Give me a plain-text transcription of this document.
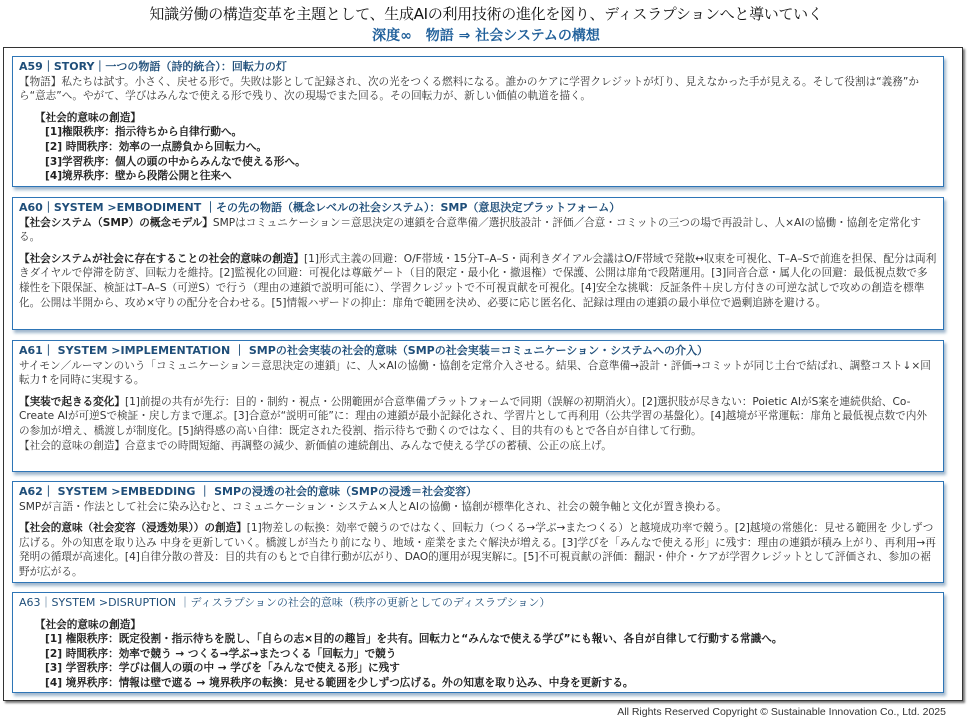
知識労働の構造変革を主題として、生成AIの利用技術の進化を図り、ディスラプションへと導いていく
深度∞　物語 ⇒ 社会システムの構想
A59｜STORY｜一つの物語（詩的統合）：回転力の灯

【物語】私たちは試す。小さく、戻せる形で。失敗は影として記録され、次の光をつくる燃料になる。誰かのケアに学習クレジットが灯り、見えなかった手が見える。そして役割は“義務”から“意志”へ。やがて、学びはみんなで使える形で残り、次の現場でまた回る。その回転力が、新しい価値の軌道を描く。

【社会的意味の創造】
[1]権限秩序：指示待ちから自律行動へ。
[2] 時間秩序：効率の一点勝負から回転力へ。
[3]学習秩序：個人の頭の中からみんなで使える形へ。
[4]境界秩序：壁から段階公開と往来へ
A60｜SYSTEM >EMBODIMENT ｜その先の物語（概念レベルの社会システム）：SMP（意思決定プラットフォーム）

【社会システム（SMP）の概念モデル】SMPはコミュニケーション＝意思決定の連鎖を合意準備／選択肢設計・評価／合意・コミットの三つの場で再設計し、人×AIの協働・協創を定常化する。

【社会システムが社会に存在することの社会的意味の創造】[1]形式主義の回避：O/F帯域・15分T–A–S・両利きダイアル会議はO/F帯域で発散↔収束を可視化、T–A–Sで前進を担保、配分は両利きダイヤルで停滞を防ぎ、回転力を維持。[2]監視化の回避：可視化は尊厳ゲート（目的限定・最小化・撤退権）で保護、公開は扉角で段階運用。[3]同音合意・属人化の回避：最低視点数で多様性を下限保証、検証はT–A–S（可逆S）で行う（理由の連鎖で説明可能に）、学習クレジットで不可視貢献を可視化。[4]安全な挑戦：反証条件＋戻し方付きの可逆な試しで攻めの創造を標準化。公開は半開から、攻め×守りの配分を合わせる。[5]情報ハザードの抑止：扉角で範囲を決め、必要に応じ匿名化、記録は理由の連鎖の最小単位で過剰追跡を避ける。

A61｜ SYSTEM >IMPLEMENTATION ｜ SMPの社会実装の社会的意味（SMPの社会実装＝コミュニケーション・システムへの介入）

サイモン／ルーマンのいう「コミュニケーション＝意思決定の連鎖」に、人×AIの協働・協創を定常介入させる。結果、合意準備→設計・評価→コミットが同じ土台で結ばれ、調整コスト↓×回転力↑を同時に実現する。

【実装で起きる変化】[1]前提の共有が先行：目的・制約・視点・公開範囲が合意準備プラットフォームで同期（誤解の初期消火）。[2]選択肢が尽きない：Poietic AIがS案を連続供給、Co-Create AIが可逆Sで検証・戻し方まで運ぶ。[3]合意が“説明可能”に：理由の連鎖が最小記録化され、学習片として再利用（公共学習の基盤化）。[4]越境が平常運転：扉角と最低視点数で内外の参加が増え、橋渡しが制度化。[5]納得感の高い自律：既定された役割、指示待ちで動くのではなく、目的共有のもとで各自が自律して行動。

【社会的意味の創造】合意までの時間短縮、再調整の減少、新価値の連続創出、みんなで使える学びの蓄積、公正の底上げ。

A62｜ SYSTEM >EMBEDDING ｜ SMPの浸透の社会的意味（SMPの浸透＝社会変容）

SMPが言語・作法として社会に染み込むと、コミュニケーション・システム×人とAIの協働・協創が標準化され、社会の競争軸と文化が置き換わる。

【社会的意味（社会変容（浸透効果））の創造】[1]物差しの転換：効率で競うのではなく、回転力（つくる→学ぶ→またつくる）と越境成功率で競う。[2]越境の常態化：見せる範囲を 少しずつ広げる。外の知恵を取り込み 中身を更新していく。橋渡しが当たり前になり、地域・産業をまたぐ解決が増える。[3]学びを「みんなで使える形」に残す：理由の連鎖が積み上がり、再利用→再発明の循環が高速化。[4]自律分散の普及：目的共有のもとで自律行動が広がり、DAO的運用が現実解に。[5]不可視貢献の評価：翻訳・仲介・ケアが学習クレジットとして評価され、参加の裾野が広がる。

A63｜SYSTEM >DISRUPTION ｜ディスラプションの社会的意味（秩序の更新としてのディスラプション）
【社会的意味の創造】
[1] 権限秩序：既定役割・指示待ちを脱し、「自らの志×目的の趣旨」を共有。回転力と“みんなで使える学び”にも報い、各自が自律して行動する常識へ。
[2] 時間秩序：効率で競う → つくる→学ぶ→またつくる「回転力」で競う
[3] 学習秩序：学びは個人の頭の中 → 学びを「みんなで使える形」に残す
[4] 境界秩序：情報は壁で遮る → 境界秩序の転換：見せる範囲を少しずつ広げる。外の知恵を取り込み、中身を更新する。
All Rights Reserved Copyright © Sustainable Innovation Co., Ltd. 2025
